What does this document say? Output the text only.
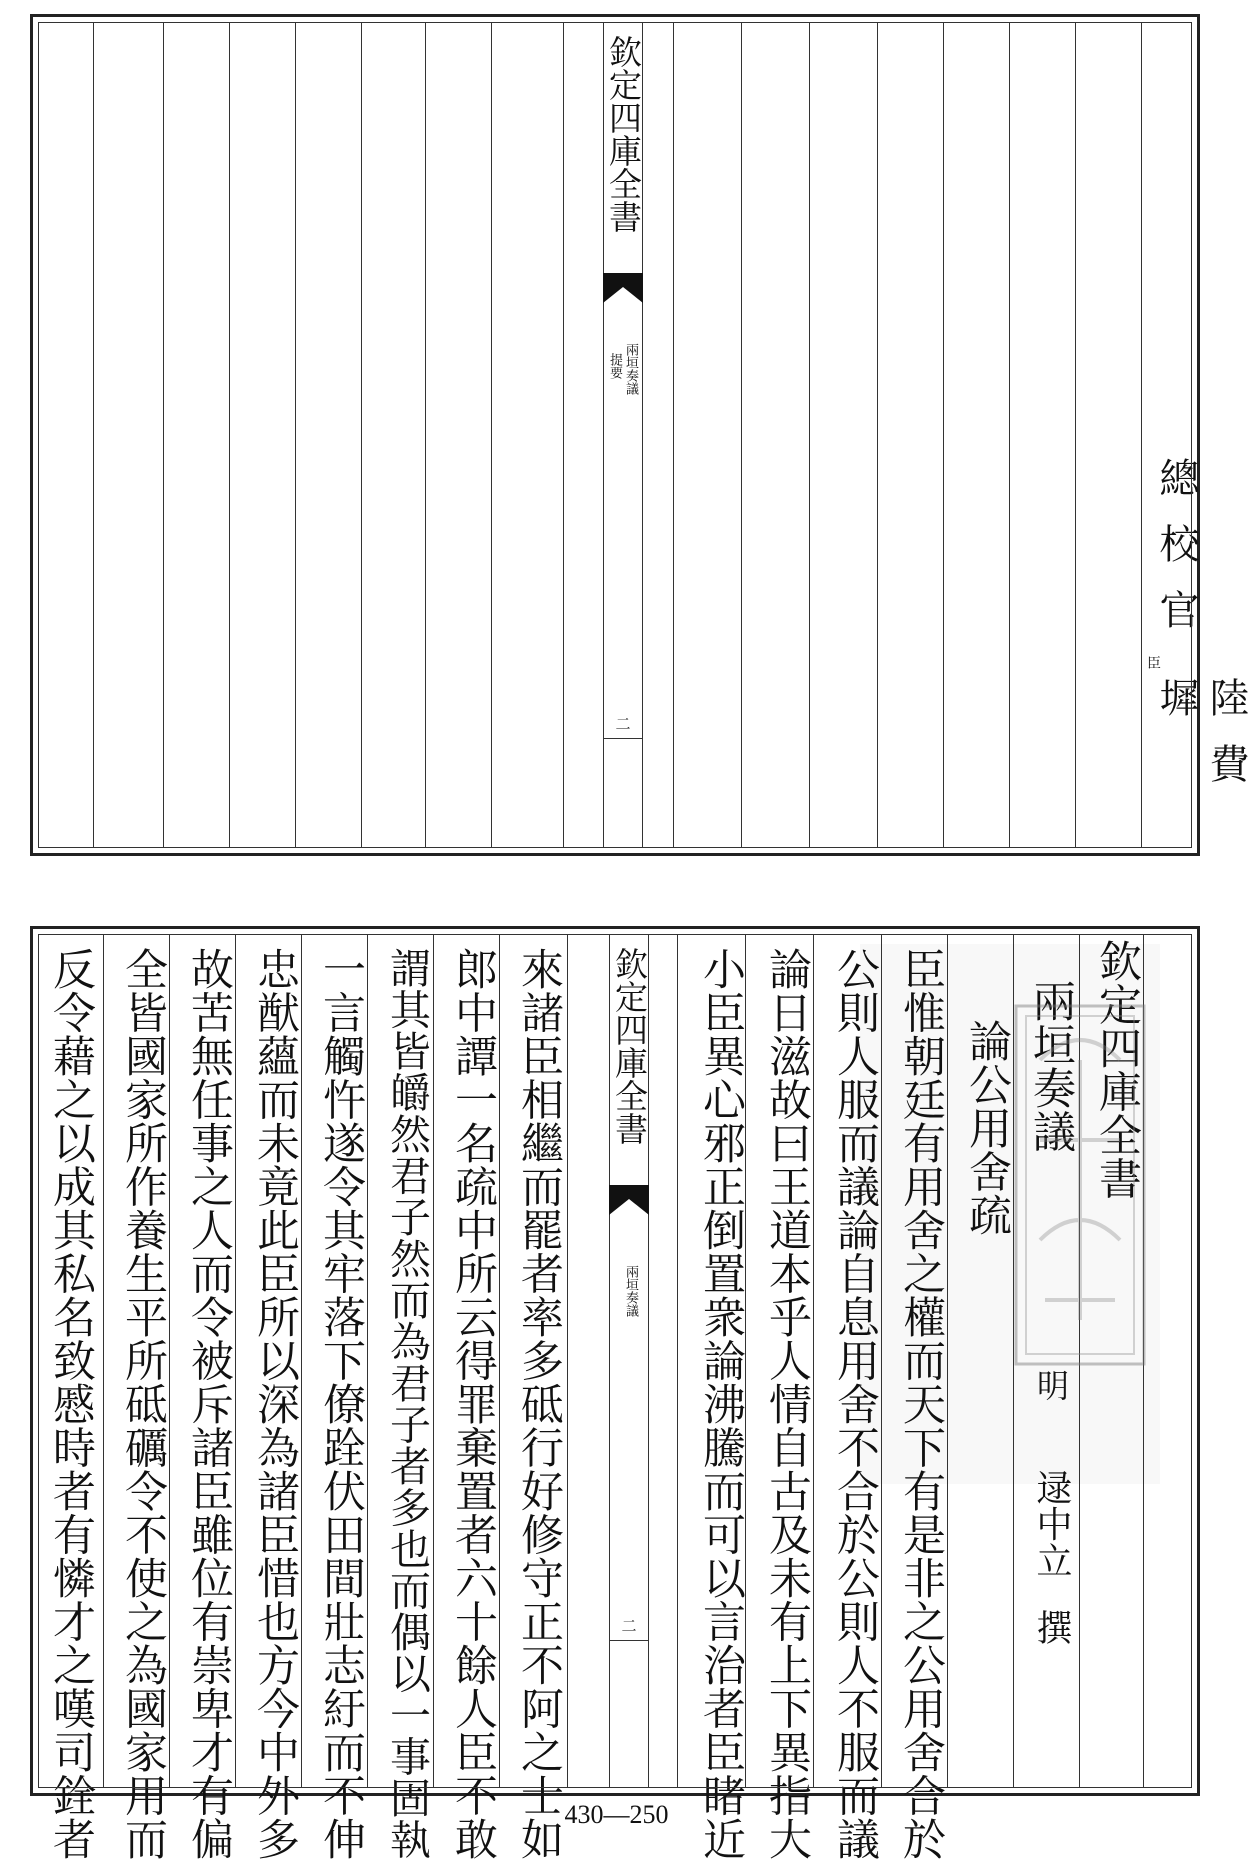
欽定四庫全書
兩垣奏議
提要
二
總校官
臣
陸費墀
來諸臣相繼而罷者率多砥行好修守正不阿之士如
郎中譚一名疏中所云得罪棄置者六十餘人臣不敢
謂其皆皭然君子然而為君子者多也而偶以一事固執
一言觸忤遂令其牢落下僚跧伏田間壯志紆而不伸
忠猷蘊而未竟此臣所以深為諸臣惜也方今中外多
故苦無任事之人而令被斥諸臣雖位有崇卑才有偏
全皆國家所作養生平所砥礪令不使之為國家用而
反令藉之以成其私名致慼時者有憐才之嘆司銓者	欽定四庫全書
兩垣奏議
二 小臣異心邪正倒置衆論沸騰而可以言治者臣睹近 論日滋故曰王道本乎人情自古及未有上下異指大 公則人服而議論自息用舍不合於公則人不服而議 臣惟朝廷有用舍之權而天下有是非之公用舍合於 論公用舍疏 兩垣奏議
明
逯中立
撰
欽定四庫全書
430—250
